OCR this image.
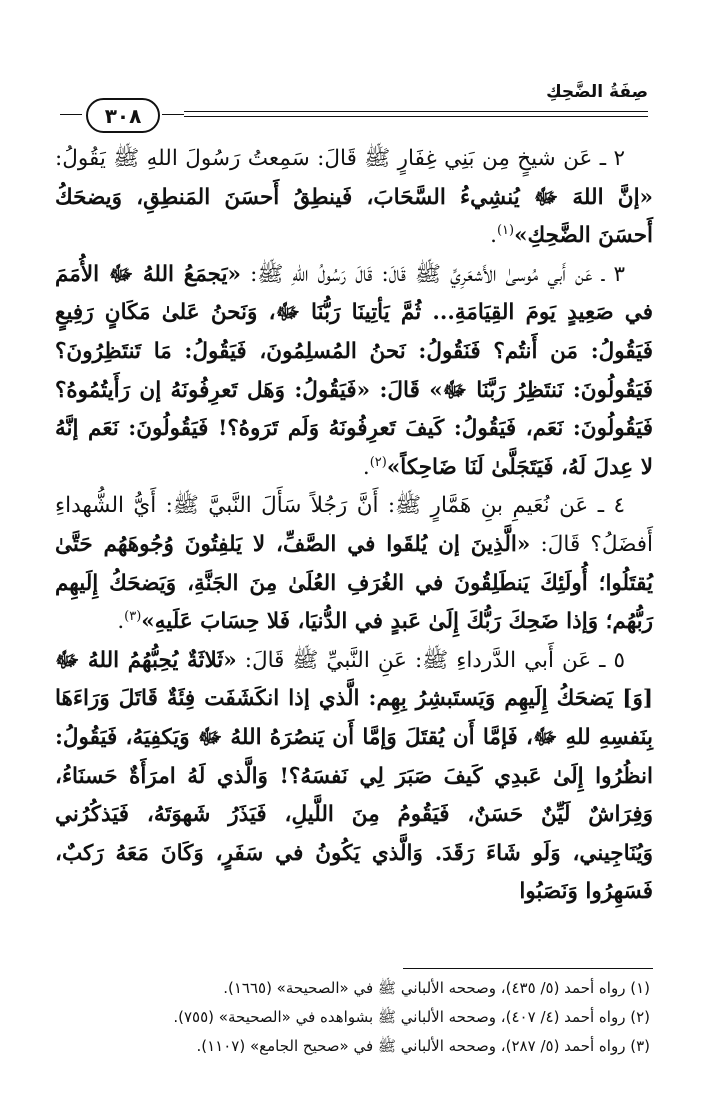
صِفَةُ الضَّحِكِ
٣٠٨

٢ ـ عَن شيخٍ مِن بَنِي غِفَارٍ ﷺ قَالَ: سَمِعتُ رَسُولَ اللهِ ﷺ يَقُولُ: «إنَّ اللهَ ﷻ يُنشِيءُ السَّحَابَ، فَينطِقُ أَحسَنَ المَنطِقِ، وَيضحَكُ أَحسَنَ الضَّحِكِ»$^{(١)}$.

٣ ـ عَن أَبي مُوسىٰ الأَشعَرِيِّ ﷺ قَالَ: قَالَ رَسُولُ اللهِ ﷺ: «يَجمَعُ اللهُ ﷻ الأُمَمَ في صَعِيدٍ يَومَ القِيَامَةِ... ثُمَّ يَأتِينَا رَبُّنَا ﷻ، وَنَحنُ عَلىٰ مَكَانٍ رَفِيعٍ فَيَقُولُ: مَن أَنتُم؟ فَنَقُولُ: نَحنُ المُسلِمُونَ، فَيَقُولُ: مَا تَنتَظِرُونَ؟ فَيَقُولُونَ: نَنتَظِرُ رَبَّنَا ﷻ» قَالَ: «فَيَقُولُ: وَهَل تَعرِفُونَهُ إن رَأَيتُمُوهُ؟ فَيَقُولُونَ: نَعَم، فَيَقُولُ: كَيفَ تَعرِفُونَهُ وَلَم تَرَوهُ؟! فَيَقُولُونَ: نَعَم إنَّهُ لا عِدلَ لَهُ، فَيَتَجَلَّىٰ لَنَا ضَاحِكاً»$^{(٢)}$.

٤ ـ عَن نُعَيمِ بنِ هَمَّارٍ ﷺ: أَنَّ رَجُلاً سَأَلَ النَّبيَّ ﷺ: أَيُّ الشُّهداءِ أَفضَلُ؟ قَالَ: «الَّذِينَ إن يُلقَوا في الصَّفِّ، لا يَلفِتُونَ وُجُوهَهُم حَتَّىٰ يُقتَلُوا؛ أُولَئِكَ يَنطَلِقُونَ في الغُرَفِ العُلَىٰ مِنَ الجَنَّةِ، وَيَضحَكُ إِلَيهِم رَبُّهُم؛ وَإذا ضَحِكَ رَبُّكَ إِلَىٰ عَبدٍ في الدُّنيَا، فَلا حِسَابَ عَلَيهِ»$^{(٣)}$.

٥ ـ عَن أَبي الدَّرداءِ ﷺ: عَنِ النَّبيِّ ﷺ قَالَ: «ثَلاثَةٌ يُحِبُّهُمُ اللهُ ﷻ [وَ] يَضحَكُ إِلَيهِم وَيَستَبشِرُ بِهِم: الَّذي إذا انكَشَفَت فِئَةٌ قَاتَلَ وَرَاءَهَا بِنَفسِهِ للهِ ﷻ، فَإمَّا أَن يُقتَلَ وَإمَّا أَن يَنصُرَهُ اللهُ ﷻ وَيَكفِيَهُ، فَيَقُولُ: انظُرُوا إِلَىٰ عَبدِي كَيفَ صَبَرَ لِي نَفسَهُ؟! وَالَّذي لَهُ امرَأَةٌ حَسنَاءُ، وَفِرَاشٌ لَيِّنٌ حَسَنٌ، فَيَقُومُ مِنَ اللَّيلِ، فَيَذَرُ شَهوَتَهُ، فَيَذكُرُني وَيُنَاجِيني، وَلَو شَاءَ رَقَدَ. وَالَّذي يَكُونُ في سَفَرٍ، وَكَانَ مَعَهُ رَكبٌ، فَسَهِرُوا وَنَصَبُوا

(١) رواه أحمد (٥/ ٤٣٥)، وصححه الألباني ﷺ في «الصحيحة» (١٦٦٥).

(٢) رواه أحمد (٤/ ٤٠٧)، وصححه الألباني ﷺ بشواهده في «الصحيحة» (٧٥٥).

(٣) رواه أحمد (٥/ ٢٨٧)، وصححه الألباني ﷺ في «صحيح الجامع» (١١٠٧).
